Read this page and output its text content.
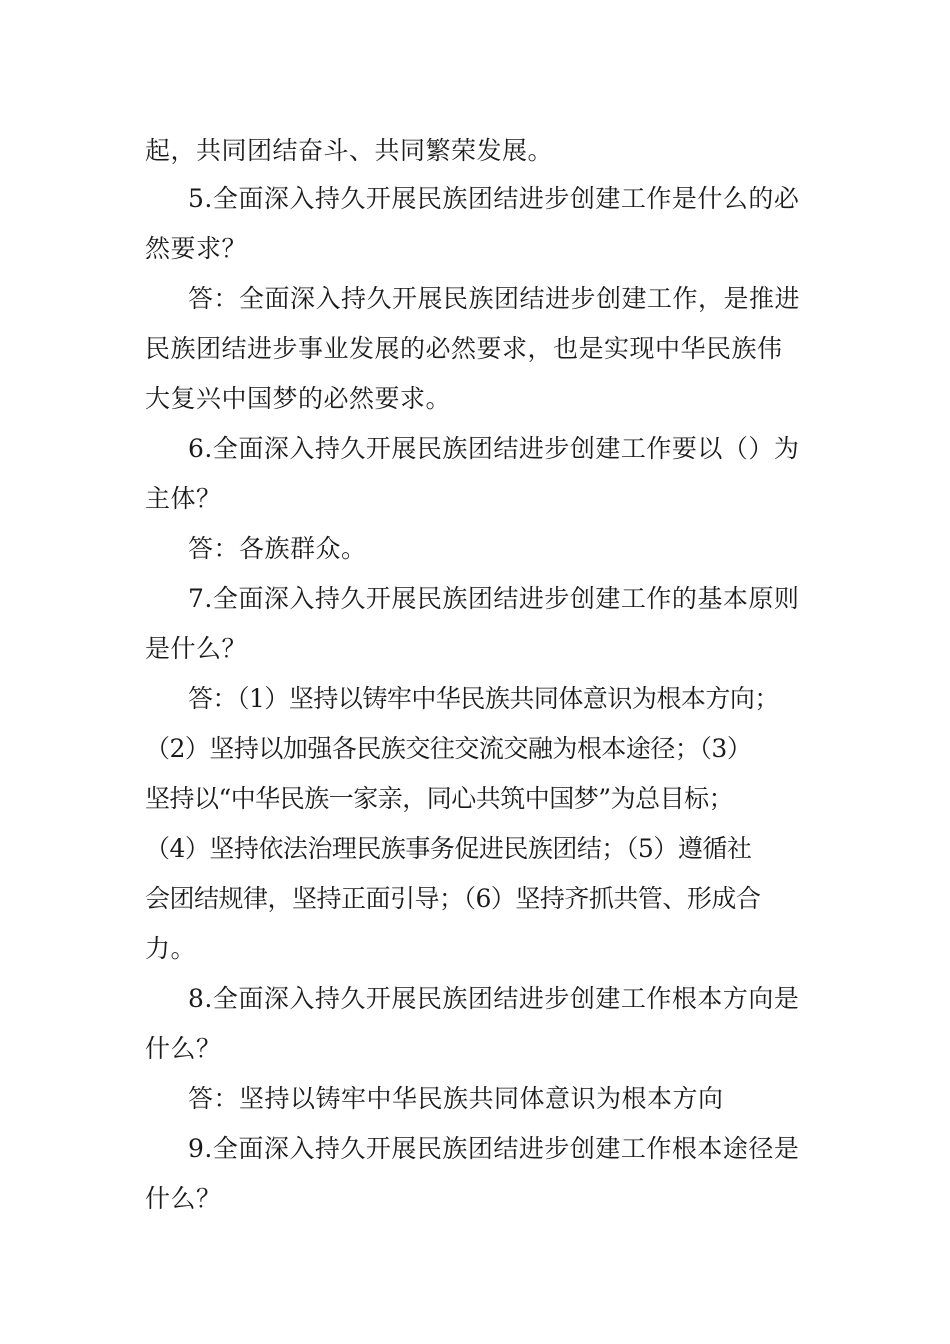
起，共同团结奋斗、共同繁荣发展。
5.全面深入持久开展民族团结进步创建工作是什么的必
然要求？
答：全面深入持久开展民族团结进步创建工作，是推进
民族团结进步事业发展的必然要求，也是实现中华民族伟
大复兴中国梦的必然要求。
6.全面深入持久开展民族团结进步创建工作要以（）为
主体？
答：各族群众。
7.全面深入持久开展民族团结进步创建工作的基本原则
是什么？
答：（1）坚持以铸牢中华民族共同体意识为根本方向；
（2）坚持以加强各民族交往交流交融为根本途径；（3）
坚持以“中华民族一家亲，同心共筑中国梦”为总目标；
（4）坚持依法治理民族事务促进民族团结；（5）遵循社
会团结规律，坚持正面引导；（6）坚持齐抓共管、形成合
力。
8.全面深入持久开展民族团结进步创建工作根本方向是
什么？
答：坚持以铸牢中华民族共同体意识为根本方向
9.全面深入持久开展民族团结进步创建工作根本途径是
什么？
